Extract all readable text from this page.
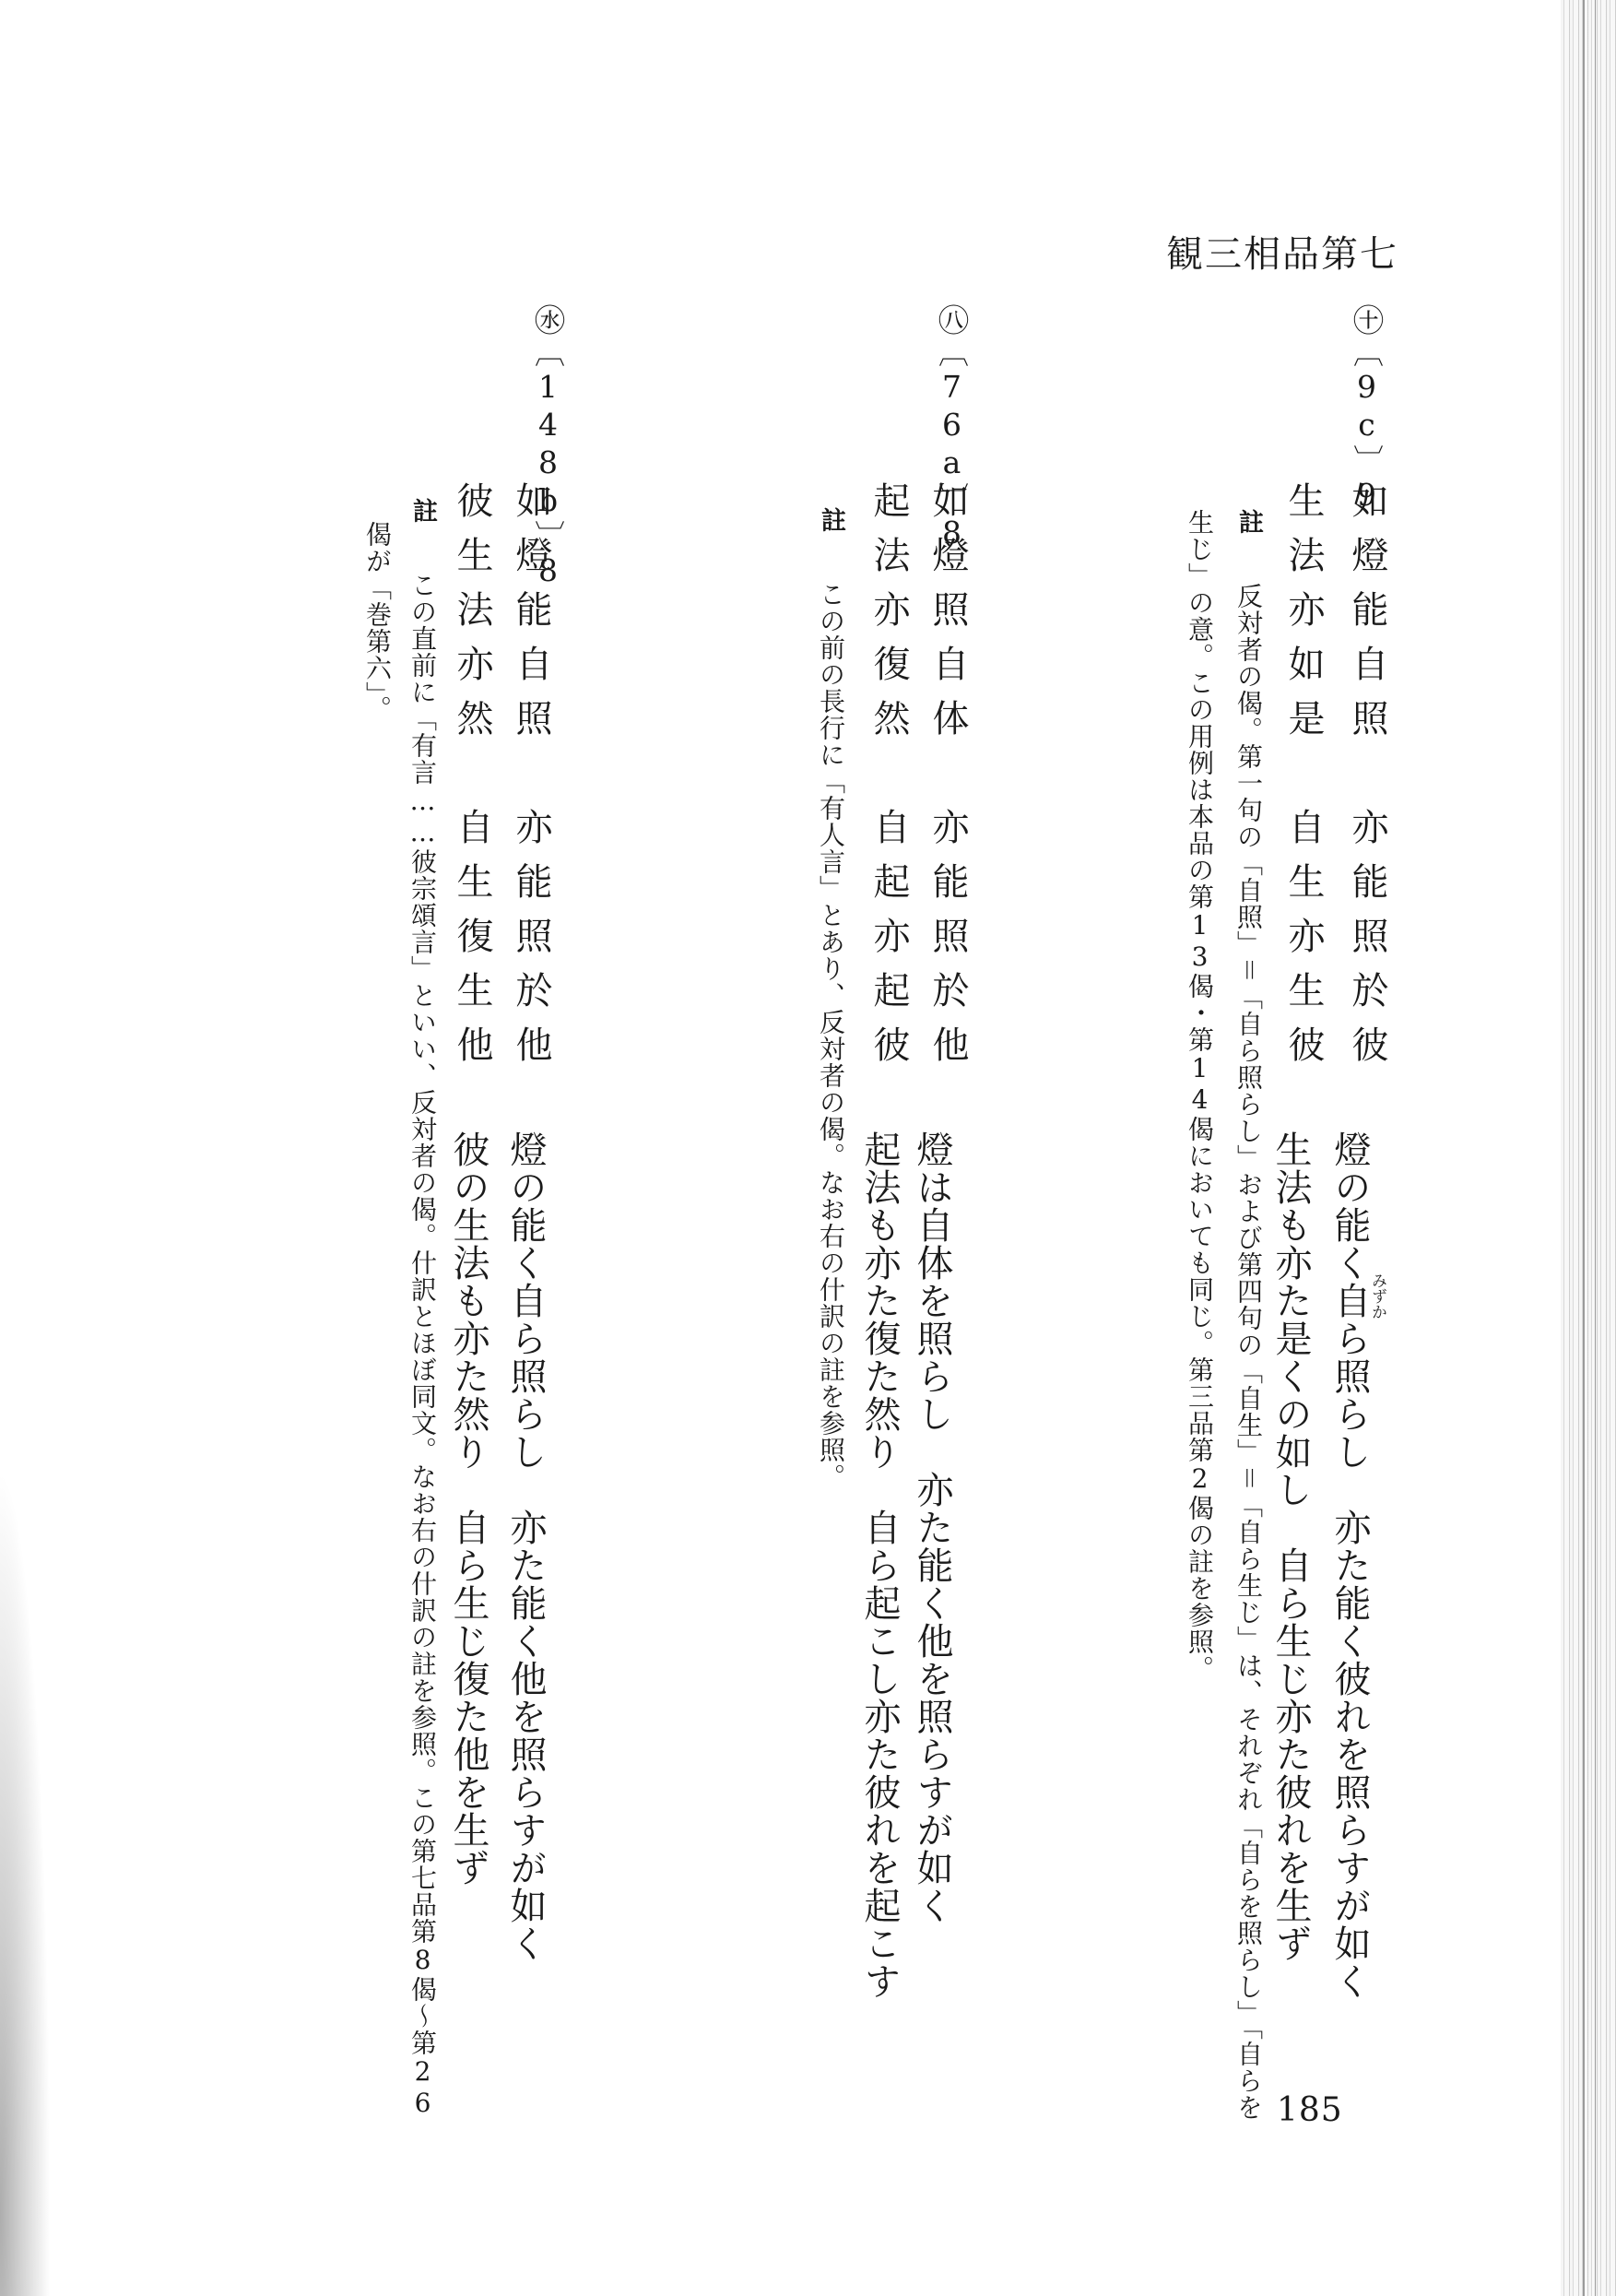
観三相品第七
㊉〔9c〕9
如燈能自照　亦能照於彼
生法亦如是　自生亦生彼
みずか
燈の能く自ら照らし　亦た能く彼れを照らすが如く
生法も亦た是くの如し　自ら生じ亦た彼れを生ず
註 反対者の偈。第一句の「自照」＝「自ら照らし」および第四句の「自生」＝「自ら生じ」は、それぞれ「自らを照らし」「自らを
生じ」の意。この用例は本品の第13偈・第14偈においても同じ。第三品第2偈の註を参照。
㊇〔76a〕8
如燈照自体　亦能照於他
起法亦復然　自起亦起彼
燈は自体を照らし　亦た能く他を照らすが如く
起法も亦た復た然り　自ら起こし亦た彼れを起こす
註 この前の長行に「有人言」とあり、反対者の偈。なお右の什訳の註を参照。
㊌〔148b〕8
如燈能自照　亦能照於他
彼生法亦然　自生復生他
燈の能く自ら照らし　亦た能く他を照らすが如く
彼の生法も亦た然り　自ら生じ復た他を生ず
註 この直前に「有言……彼宗頌言」といい、反対者の偈。什訳とほぼ同文。なお右の什訳の註を参照。この第七品第8偈～第26
偈が「巻第六」。
185
